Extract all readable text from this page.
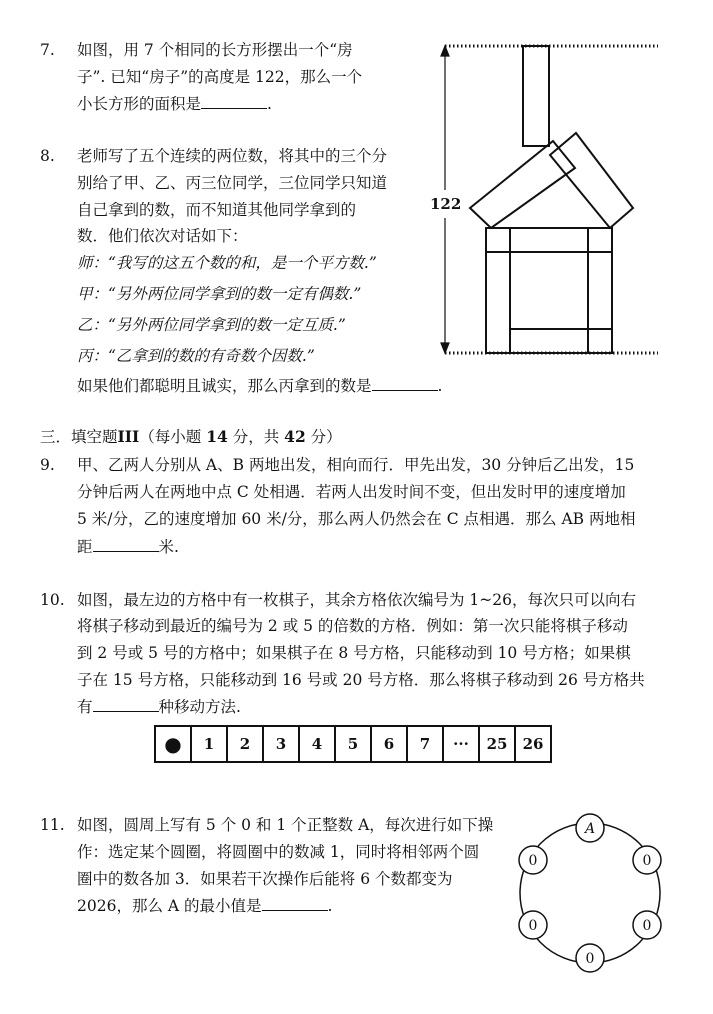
7. 如图，用 7 个相同的长方形摆出一个“房
子”. 已知“房子”的高度是 122，那么一个
小长方形的面积是	.
122
8. 老师写了五个连续的两位数，将其中的三个分
别给了甲、乙、丙三位同学，三位同学只知道
自己拿到的数，而不知道其他同学拿到的
数．他们依次对话如下：
师：“我写的这五个数的和，是一个平方数.”
甲：“另外两位同学拿到的数一定有偶数.”
乙：“另外两位同学拿到的数一定互质.”
丙：“乙拿到的数的有奇数个因数.”
如果他们都聪明且诚实，那么丙拿到的数是	.
三．填空题III（每小题 14 分，共 42 分）
9. 甲、乙两人分别从 A、B 两地出发，相向而行．甲先出发，30 分钟后乙出发，15
分钟后两人在两地中点 C 处相遇．若两人出发时间不变，但出发时甲的速度增加
5 米/分，乙的速度增加 60 米/分，那么两人仍然会在 C 点相遇．那么 AB 两地相
距	米.
10. 如图，最左边的方格中有一枚棋子，其余方格依次编号为 1~26，每次只可以向右
将棋子移动到最近的编号为 2 或 5 的倍数的方格．例如：第一次只能将棋子移动
到 2 号或 5 号的方格中；如果棋子在 8 号方格，只能移动到 10 号方格；如果棋
子在 15 号方格，只能移动到 16 号或 20 号方格．那么将棋子移动到 26 号方格共
有	种移动方法.
●	1	2	3	4	5	6	7	···	25	26
11. 如图，圆周上写有 5 个 0 和 1 个正整数 A，每次进行如下操
作：选定某个圆圈，将圆圈中的数减 1，同时将相邻两个圆
圈中的数各加 3．如果若干次操作后能将 6 个数都变为
2026，那么 A 的最小值是	.
A
0	0
0	0
0
